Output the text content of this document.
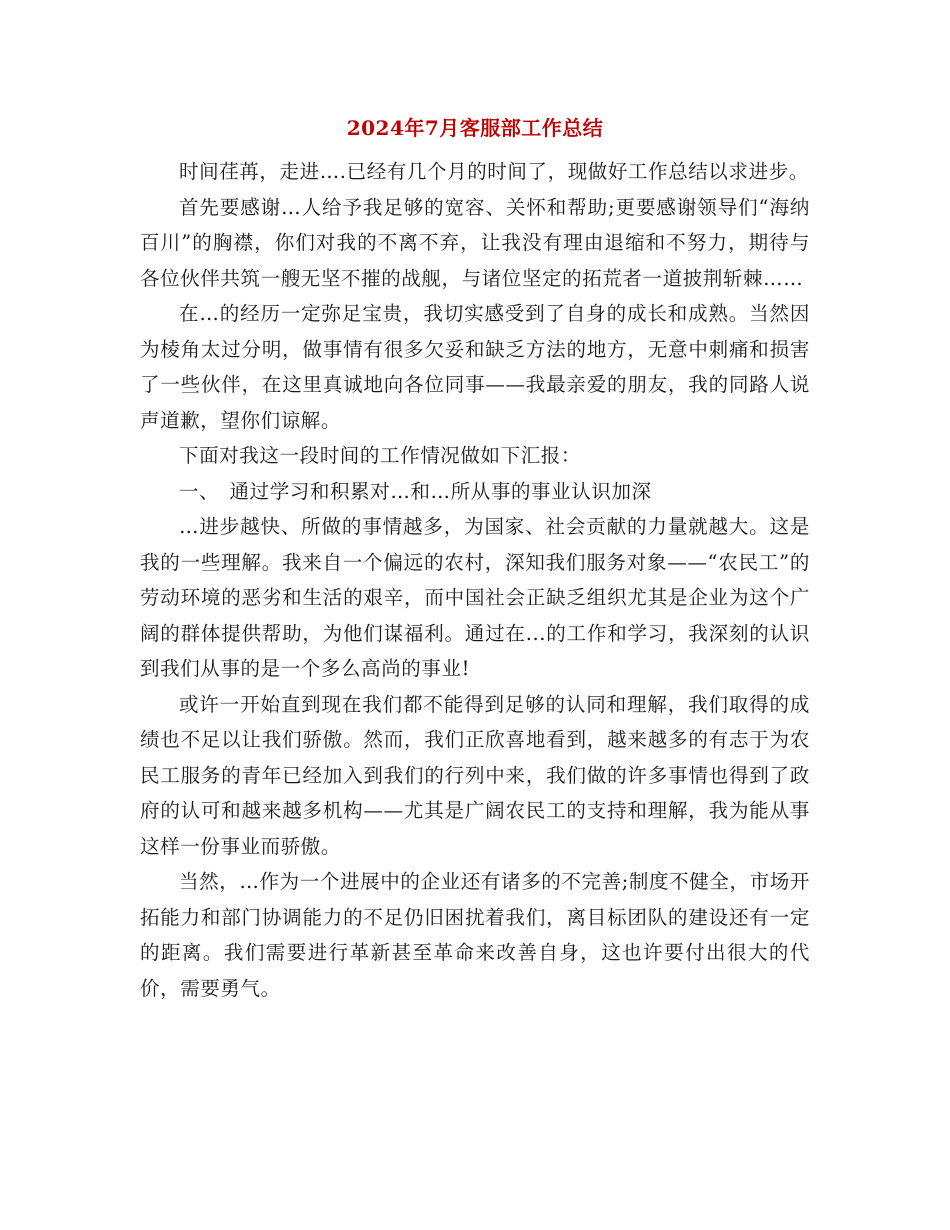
2024年7月客服部工作总结

时间荏苒，走进….已经有几个月的时间了，现做好工作总结以求进步。

首先要感谢…人给予我足够的宽容、关怀和帮助;更要感谢领导们“海纳百川”的胸襟，你们对我的不离不弃，让我没有理由退缩和不努力，期待与各位伙伴共筑一艘无坚不摧的战舰，与诸位坚定的拓荒者一道披荆斩棘……

在…的经历一定弥足宝贵，我切实感受到了自身的成长和成熟。当然因为棱角太过分明，做事情有很多欠妥和缺乏方法的地方，无意中刺痛和损害了一些伙伴，在这里真诚地向各位同事——我最亲爱的朋友，我的同路人说声道歉，望你们谅解。

下面对我这一段时间的工作情况做如下汇报：

一、　通过学习和积累对…和…所从事的事业认识加深

…进步越快、所做的事情越多，为国家、社会贡献的力量就越大。这是我的一些理解。我来自一个偏远的农村，深知我们服务对象——“农民工”的劳动环境的恶劣和生活的艰辛，而中国社会正缺乏组织尤其是企业为这个广阔的群体提供帮助，为他们谋福利。通过在...的工作和学习，我深刻的认识到我们从事的是一个多么高尚的事业!

或许一开始直到现在我们都不能得到足够的认同和理解，我们取得的成绩也不足以让我们骄傲。然而，我们正欣喜地看到，越来越多的有志于为农民工服务的青年已经加入到我们的行列中来，我们做的许多事情也得到了政府的认可和越来越多机构——尤其是广阔农民工的支持和理解，我为能从事这样一份事业而骄傲。

当然，…作为一个进展中的企业还有诸多的不完善;制度不健全，市场开拓能力和部门协调能力的不足仍旧困扰着我们，离目标团队的建设还有一定的距离。我们需要进行革新甚至革命来改善自身，这也许要付出很大的代价，需要勇气。
